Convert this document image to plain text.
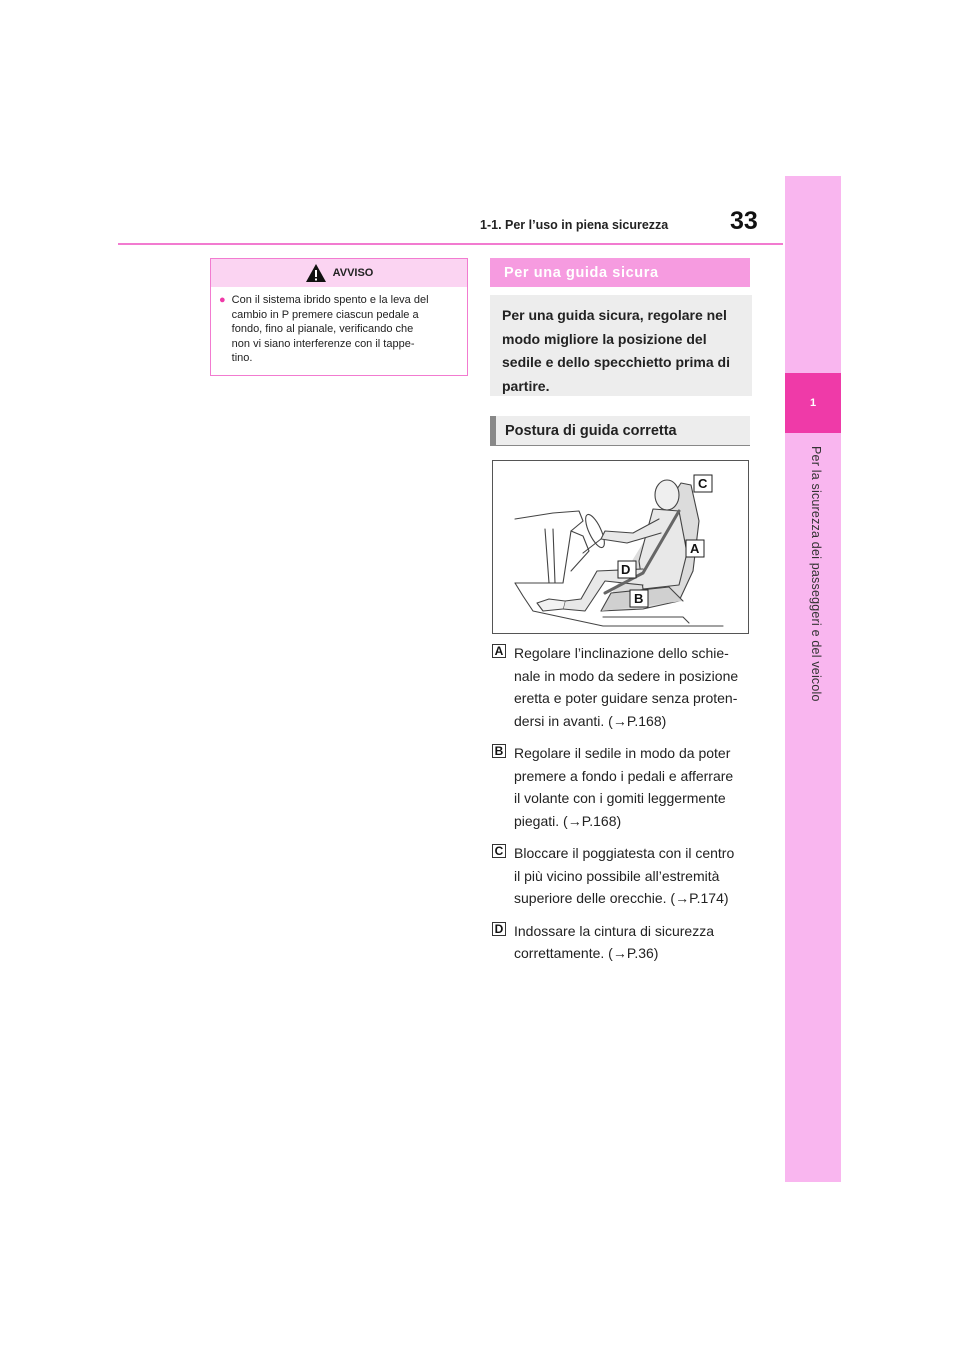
1
Per la sicurezza dei passeggeri e del veicolo
1-1. Per l’uso in piena sicurezza 33
AVVISO
● Con il sistema ibrido spento e la leva del
cambio in P premere ciascun pedale a
fondo, fino al pianale, verificando che
non vi siano interferenze con il tappe-
tino.
Per una guida sicura
Per una guida sicura, regolare nel
modo migliore la posizione del
sedile e dello specchietto prima di
partire.
Postura di guida corretta
C
A
D
B
A Regolare l’inclinazione dello schie-
nale in modo da sedere in posizione
eretta e poter guidare senza proten-
dersi in avanti. (→P.168)
B Regolare il sedile in modo da poter
premere a fondo i pedali e afferrare
il volante con i gomiti leggermente
piegati. (→P.168)
C Bloccare il poggiatesta con il centro
il più vicino possibile all’estremità
superiore delle orecchie. (→P.174)
D Indossare la cintura di sicurezza
correttamente. (→P.36)
